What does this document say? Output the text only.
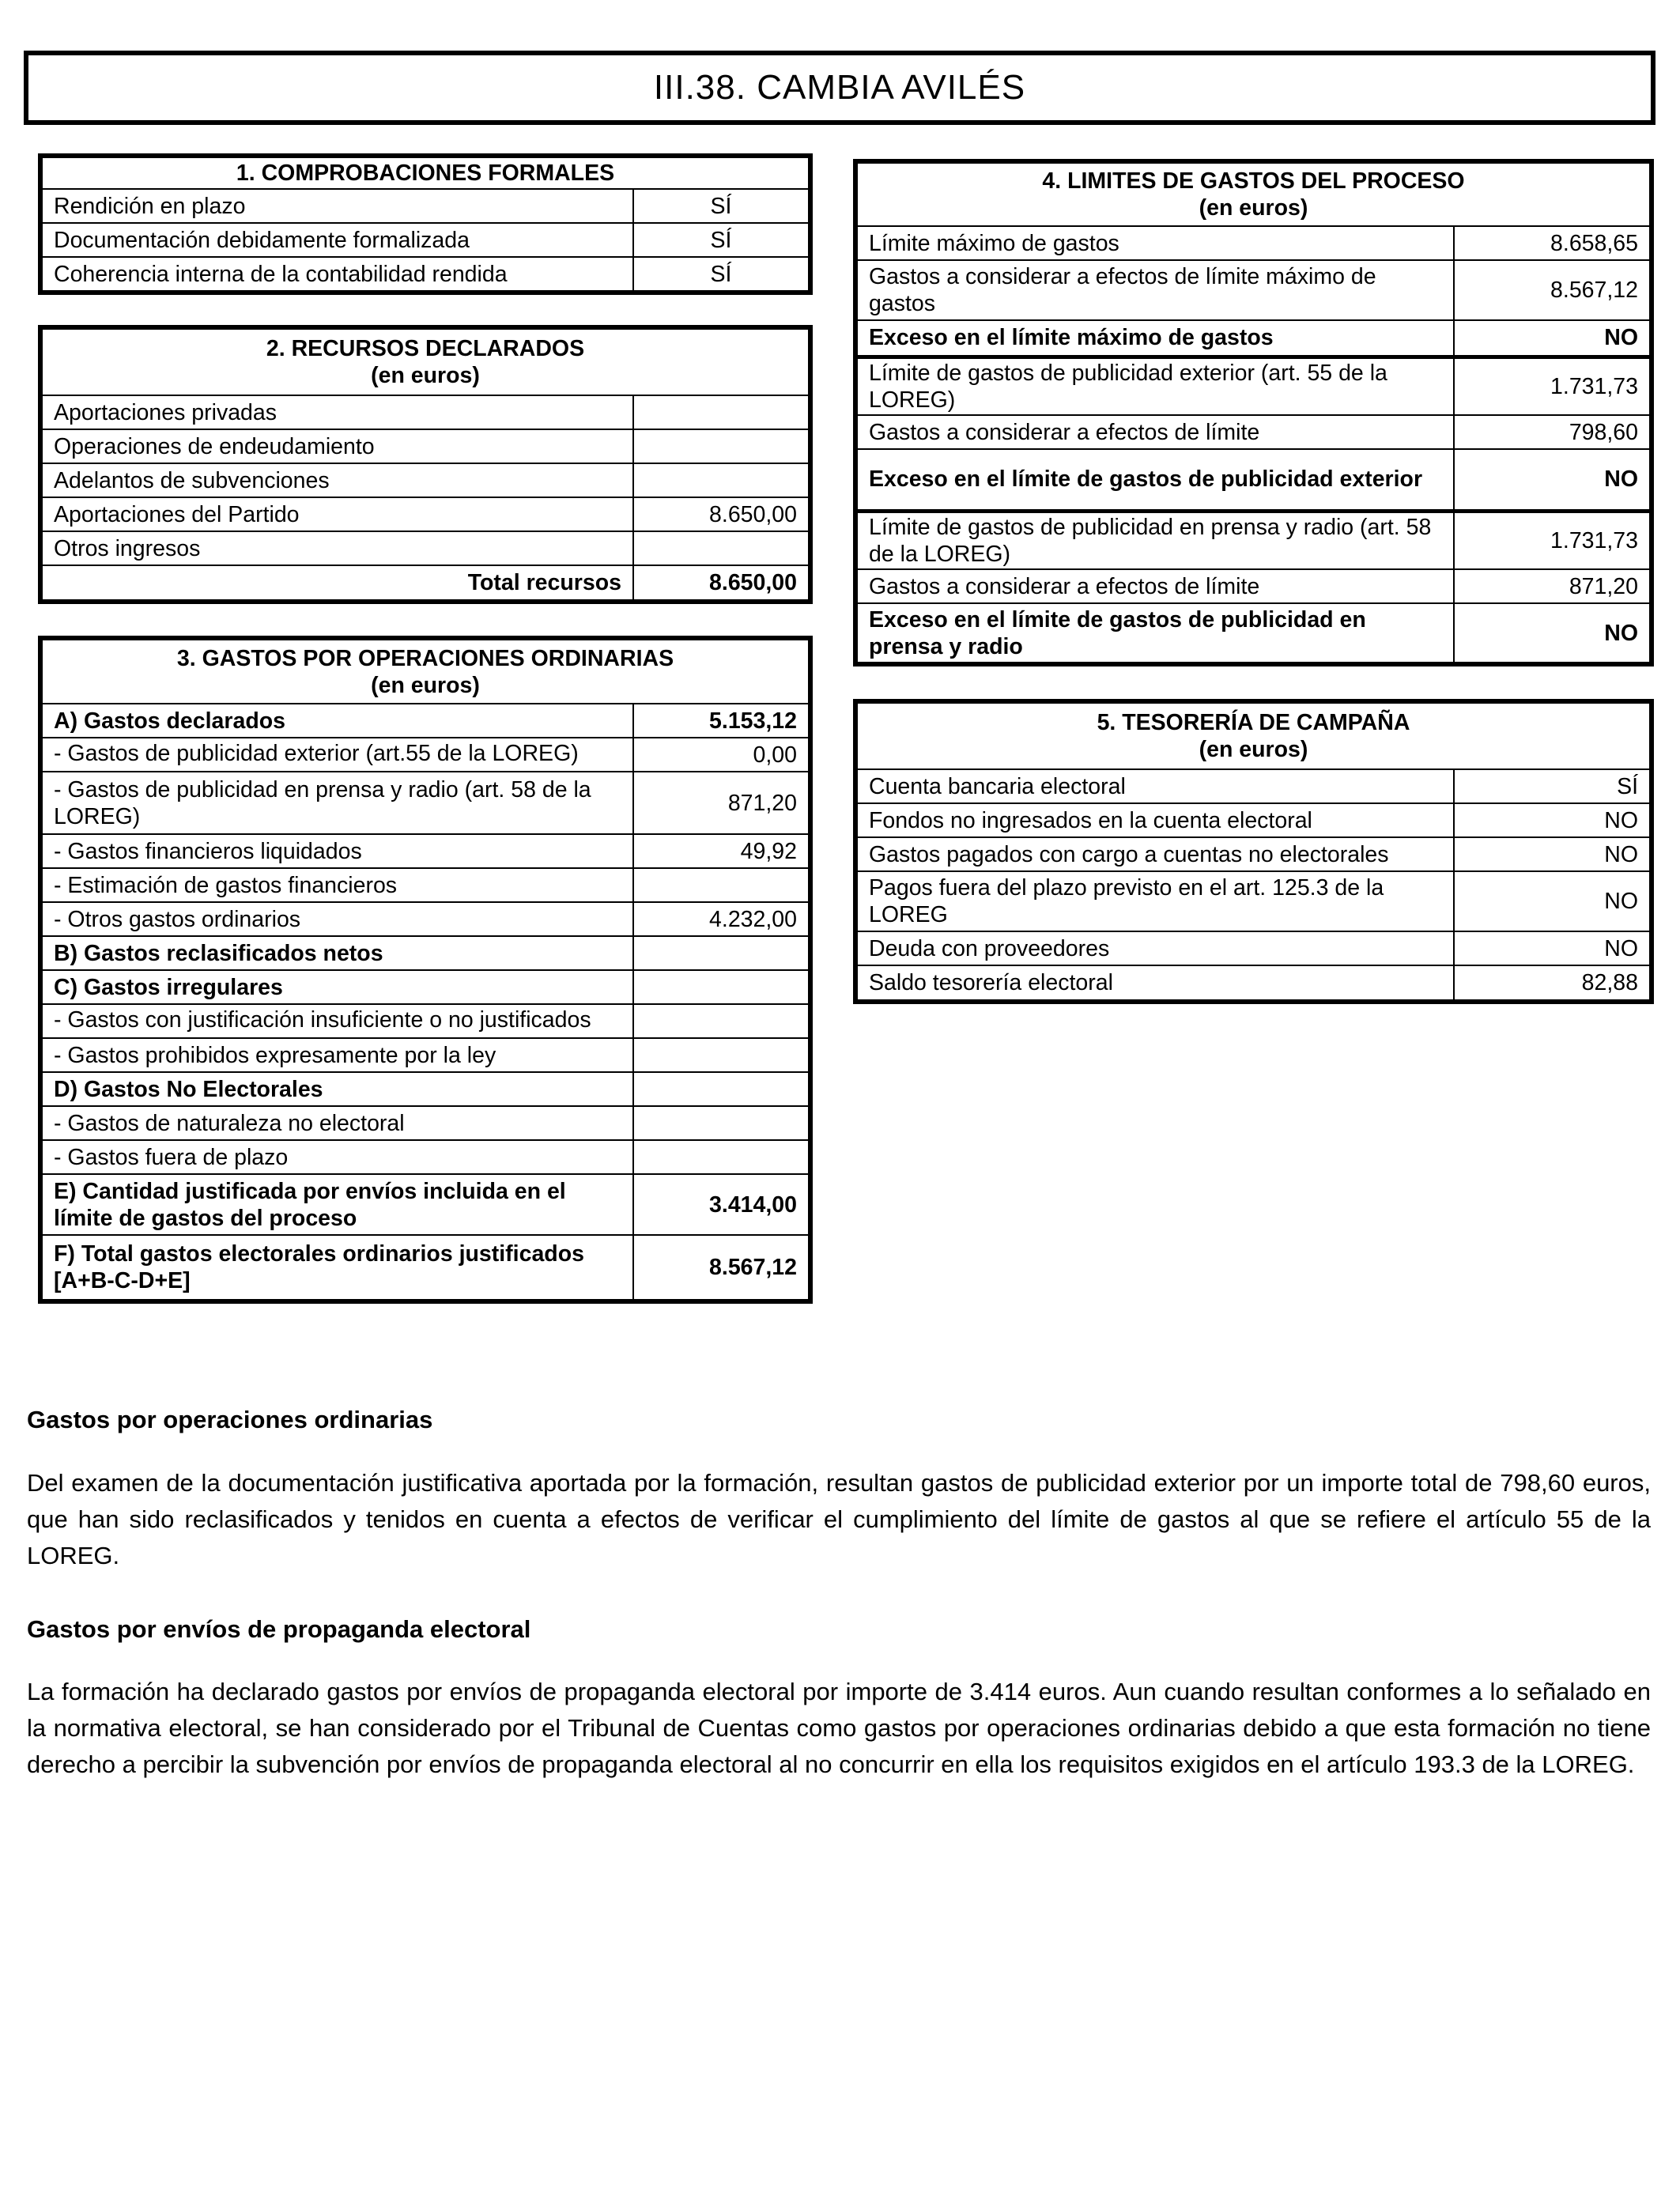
III.38. CAMBIA AVILÉS
1. COMPROBACIONES FORMALES	
Rendición en plazo	SÍ
Documentación debidamente formalizada	SÍ
Coherencia interna de la contabilidad rendida	SÍ
2. RECURSOS DECLARADOS
(en euros)	

Aportaciones privadas	
Operaciones de endeudamiento	
Adelantos de subvenciones	
Aportaciones del Partido	8.650,00
Otros ingresos	
Total recursos	8.650,00
3. GASTOS POR OPERACIONES ORDINARIAS
(en euros)	

A) Gastos declarados	5.153,12

- Gastos de publicidad exterior (art.55 de la LOREG)	0,00
- Gastos de publicidad en prensa y radio (art. 58 de la LOREG)	871,20
- Gastos financieros liquidados	49,92
- Estimación de gastos financieros	
- Otros gastos ordinarios	4.232,00
B) Gastos reclasificados netos	
C) Gastos irregulares	

- Gastos con justificación insuficiente o no justificados	

- Gastos prohibidos expresamente por la ley	
D) Gastos No Electorales	
- Gastos de naturaleza no electoral	
- Gastos fuera de plazo	
E) Cantidad justificada por envíos incluida en el límite de gastos del proceso	3.414,00
F) Total gastos electorales ordinarios justificados [A+B-C-D+E]	8.567,12
4. LIMITES DE GASTOS DEL PROCESO
(en euros)	

Límite máximo de gastos	8.658,65
Gastos a considerar a efectos de límite máximo de gastos	8.567,12
Exceso en el límite máximo de gastos	NO
Límite de gastos de publicidad exterior (art. 55 de la LOREG)	1.731,73
Gastos a considerar a efectos de límite	798,60
Exceso en el límite de gastos de publicidad exterior	NO
Límite de gastos de publicidad en prensa y radio (art. 58 de la LOREG)	1.731,73
Gastos a considerar a efectos de límite	871,20
Exceso en el límite de gastos de publicidad en prensa y radio	NO
5. TESORERÍA DE CAMPAÑA
(en euros)	

Cuenta bancaria electoral	SÍ
Fondos no ingresados en la cuenta electoral	NO
Gastos pagados con cargo a cuentas no electorales	NO
Pagos fuera del plazo previsto en el art. 125.3 de la LOREG	NO
Deuda con proveedores	NO
Saldo tesorería electoral	82,88
Gastos por operaciones ordinarias
Del examen de la documentación justificativa aportada por la formación, resultan gastos de publicidad exterior por un importe total de 798,60 euros, que han sido reclasificados y tenidos en cuenta a efectos de verificar el cumplimiento del límite de gastos al que se refiere el artículo 55 de la LOREG.
Gastos por envíos de propaganda electoral
La formación ha declarado gastos por envíos de propaganda electoral por importe de 3.414 euros. Aun cuando resultan conformes a lo señalado en la normativa electoral, se han considerado por el Tribunal de Cuentas como gastos por operaciones ordinarias debido a que esta formación no tiene derecho a percibir la subvención por envíos de propaganda electoral al no concurrir en ella los requisitos exigidos en el artículo 193.3 de la LOREG.
